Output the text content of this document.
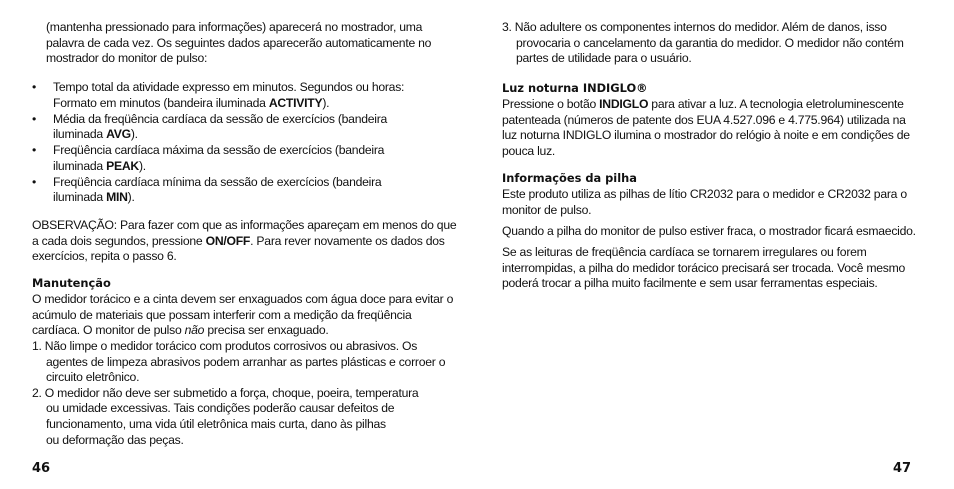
(mantenha pressionado para informações) aparecerá no mostrador, uma
palavra de cada vez. Os seguintes dados aparecerão automaticamente no
mostrador do monitor de pulso:

• Tempo total da atividade expresso em minutos. Segundos ou horas:
Formato em minutos (bandeira iluminada ACTIVITY).
• Média da freqüência cardíaca da sessão de exercícios (bandeira
iluminada AVG).
• Freqüência cardíaca máxima da sessão de exercícios (bandeira
iluminada PEAK).
• Freqüência cardíaca mínima da sessão de exercícios (bandeira
iluminada MIN).

OBSERVAÇÃO: Para fazer com que as informações apareçam em menos do que
a cada dois segundos, pressione ON/OFF. Para rever novamente os dados dos
exercícios, repita o passo 6.

Manutenção

O medidor torácico e a cinta devem ser enxaguados com água doce para evitar o
acúmulo de materiais que possam interferir com a medição da freqüência
cardíaca. O monitor de pulso não precisa ser enxaguado.

1. Não limpe o medidor torácico com produtos corrosivos ou abrasivos. Os
agentes de limpeza abrasivos podem arranhar as partes plásticas e corroer o
circuito eletrônico.
2. O medidor não deve ser submetido a força, choque, poeira, temperatura
ou umidade excessivas. Tais condições poderão causar defeitos de
funcionamento, uma vida útil eletrônica mais curta, dano às pilhas
ou deformação das peças.
46
3. Não adultere os componentes internos do medidor. Além de danos, isso
provocaria o cancelamento da garantia do medidor. O medidor não contém
partes de utilidade para o usuário.
Luz noturna INDIGLO®

Pressione o botão INDIGLO para ativar a luz. A tecnologia eletroluminescente
patenteada (números de patente dos EUA 4.527.096 e 4.775.964) utilizada na
luz noturna INDIGLO ilumina o mostrador do relógio à noite e em condições de
pouca luz.

Informações da pilha

Este produto utiliza as pilhas de lítio CR2032 para o medidor e CR2032 para o
monitor de pulso.

Quando a pilha do monitor de pulso estiver fraca, o mostrador ficará esmaecido.

Se as leituras de freqüência cardíaca se tornarem irregulares ou forem
interrompidas, a pilha do medidor torácico precisará ser trocada. Você mesmo
poderá trocar a pilha muito facilmente e sem usar ferramentas especiais.

47
